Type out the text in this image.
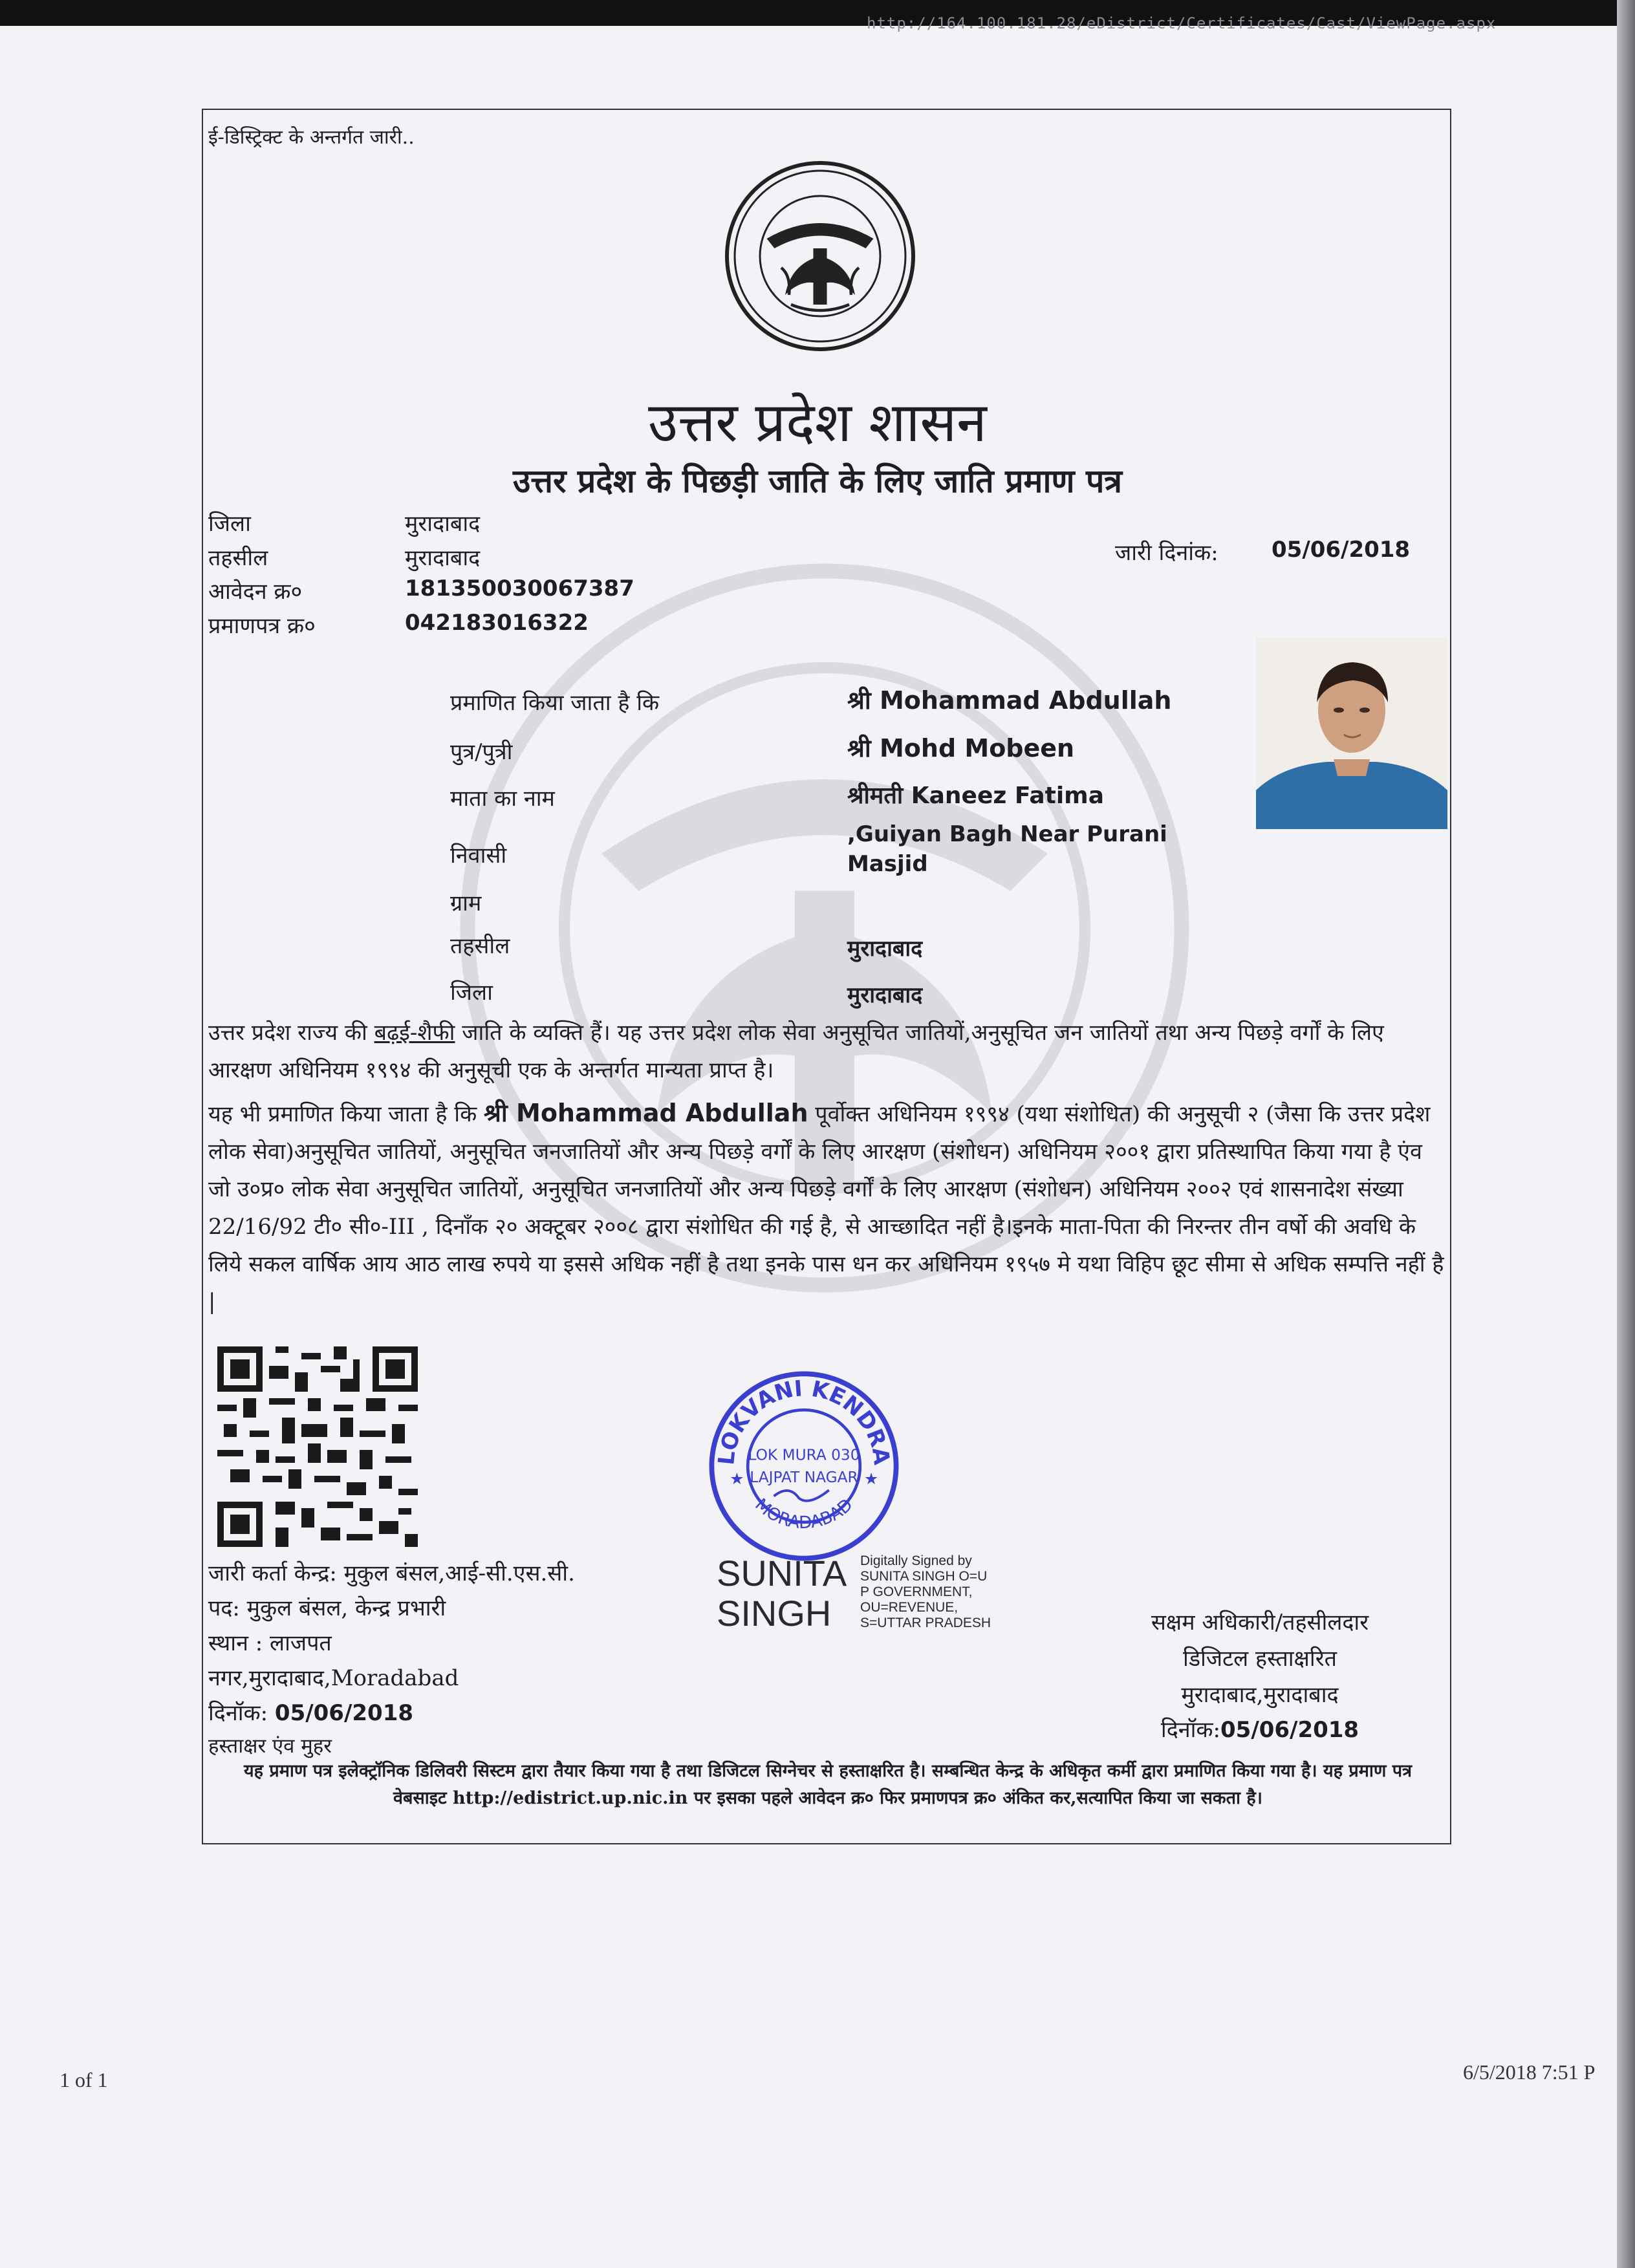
http://164.100.181.28/eDistrict/Certificates/Cast/ViewPage.aspx
ई-डिस्ट्रिक्ट के अन्तर्गत जारी..
उत्तर प्रदेश शासन
उत्तर प्रदेश के पिछड़ी जाति के लिए जाति प्रमाण पत्र
जिला	मुरादाबाद
तहसील	मुरादाबाद
आवेदन क्र०	181350030067387
प्रमाणपत्र क्र०	042183016322
जारी दिनांक: 05/06/2018
प्रमाणित किया जाता है कि	श्री Mohammad Abdullah
पुत्र/पुत्री	श्री Mohd Mobeen
माता का नाम	श्रीमती Kaneez Fatima
निवासी
,Guiyan Bagh Near Purani
Masjid
ग्राम
तहसील	मुरादाबाद
जिला	मुरादाबाद
उत्तर प्रदेश राज्य की बढ़ई-शैफी जाति के व्यक्ति हैं। यह उत्तर प्रदेश लोक सेवा अनुसूचित जातियों,अनुसूचित जन जातियों तथा अन्य पिछड़े वर्गों के लिए आरक्षण अधिनियम १९९४ की अनुसूची एक के अन्तर्गत मान्यता प्राप्त है।
यह भी प्रमाणित किया जाता है कि श्री Mohammad Abdullah पूर्वोक्त अधिनियम १९९४ (यथा संशोधित) की अनुसूची २ (जैसा कि उत्तर प्रदेश लोक सेवा)अनुसूचित जातियों, अनुसूचित जनजातियों और अन्य पिछड़े वर्गों के लिए आरक्षण (संशोधन) अधिनियम २००१ द्वारा प्रतिस्थापित किया गया है एंव जो उ०प्र० लोक सेवा अनुसूचित जातियों, अनुसूचित जनजातियों और अन्य पिछड़े वर्गों के लिए आरक्षण (संशोधन) अधिनियम २००२ एवं शासनादेश संख्या 22/16/92 टी० सी०-III , दिनाँक २० अक्टूबर २००८ द्वारा संशोधित की गई है, से आच्छादित नहीं है।इनके माता-पिता की निरन्तर तीन वर्षो की अवधि के लिये सकल वार्षिक आय आठ लाख रुपये या इससे अधिक नहीं है तथा इनके पास धन कर अधिनियम १९५७ मे यथा विहिप छूट सीमा से अधिक सम्पत्ति नहीं है |
LOKVANI KENDRA
MORADABAD
LOK MURA 030
LAJPAT NAGAR
★	★
जारी कर्ता केन्द्र: मुकुल बंसल,आई-सी.एस.सी.
पद: मुकुल बंसल, केन्द्र प्रभारी
स्थान : लाजपत
नगर,मुरादाबाद,Moradabad
दिनॉक: 05/06/2018
हस्ताक्षर एंव मुहर
SUNITA
SINGH
Digitally Signed by
SUNITA SINGH O=U
P GOVERNMENT,
OU=REVENUE,
S=UTTAR PRADESH	सक्षम अधिकारी/तहसीलदार
डिजिटल हस्ताक्षरित
मुरादाबाद,मुरादाबाद
दिनॉक:05/06/2018
यह प्रमाण पत्र इलेक्ट्रॉनिक डिलिवरी सिस्टम द्वारा तैयार किया गया है तथा डिजिटल सिग्नेचर से हस्ताक्षरित है। सम्बन्धित केन्द्र के अधिकृत कर्मी द्वारा प्रमाणित किया गया है। यह प्रमाण पत्र वेबसाइट http://edistrict.up.nic.in पर इसका पहले आवेदन क्र० फिर प्रमाणपत्र क्र० अंकित कर,सत्यापित किया जा सकता है।
1 of 1	6/5/2018 7:51 P
